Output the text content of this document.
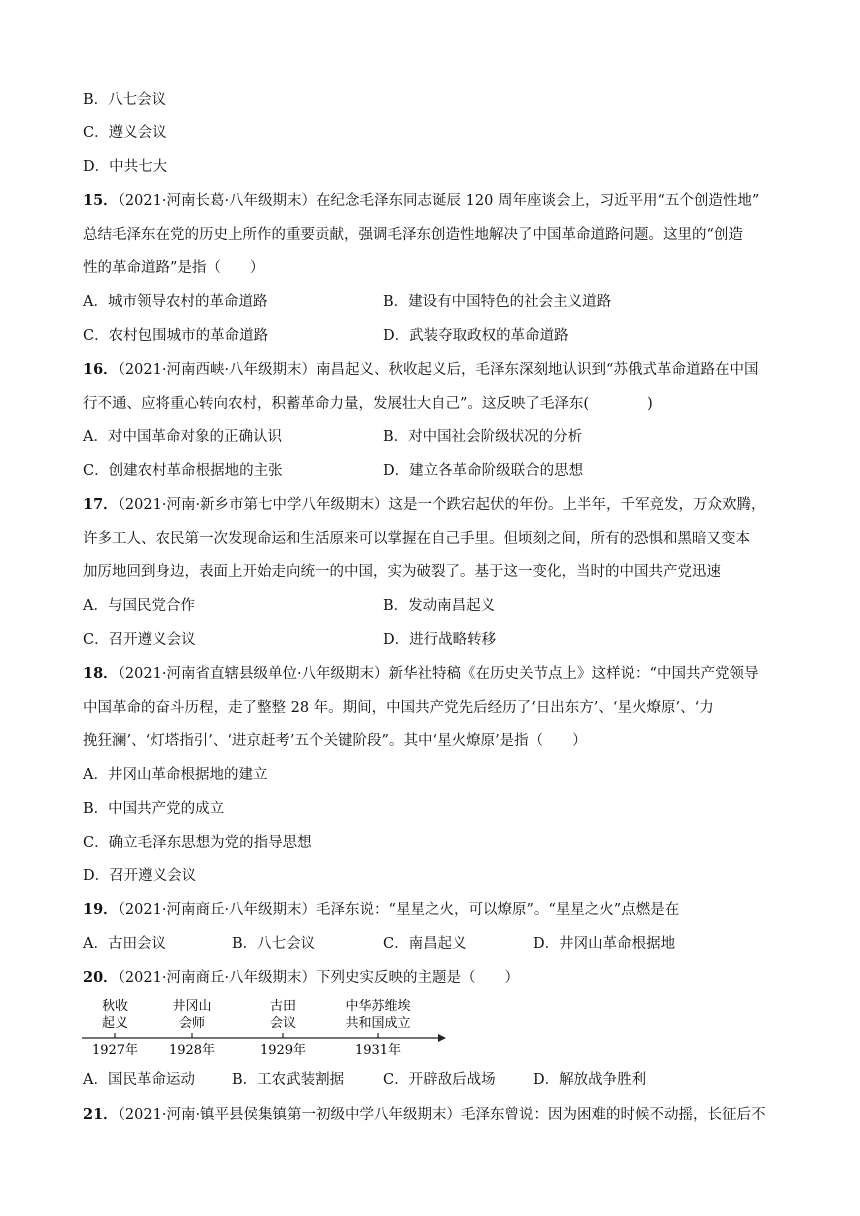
B．八七会议
C．遵义会议
D．中共七大
15．（2021·河南长葛·八年级期末）在纪念毛泽东同志诞辰 120 周年座谈会上，习近平用“五个创造性地”
总结毛泽东在党的历史上所作的重要贡献，强调毛泽东创造性地解决了中国革命道路问题。这里的“创造
性的革命道路”是指（　　）
A．城市领导农村的革命道路	B．建设有中国特色的社会主义道路
C．农村包围城市的革命道路	D．武装夺取政权的革命道路
16．（2021·河南西峡·八年级期末）南昌起义、秋收起义后，毛泽东深刻地认识到“苏俄式革命道路在中国
行不通、应将重心转向农村，积蓄革命力量，发展壮大自己”。这反映了毛泽东(　　　　)
A．对中国革命对象的正确认识	B．对中国社会阶级状况的分析
C．创建农村革命根据地的主张	D．建立各革命阶级联合的思想
17．（2021·河南·新乡市第七中学八年级期末）这是一个跌宕起伏的年份。上半年，千军竞发，万众欢腾，
许多工人、农民第一次发现命运和生活原来可以掌握在自己手里。但顷刻之间，所有的恐惧和黑暗又变本
加厉地回到身边，表面上开始走向统一的中国，实为破裂了。基于这一变化，当时的中国共产党迅速
A．与国民党合作	B．发动南昌起义
C．召开遵义会议	D．进行战略转移
18．（2021·河南省直辖县级单位·八年级期末）新华社特稿《在历史关节点上》这样说：“中国共产党领导
中国革命的奋斗历程，走了整整 28 年。期间，中国共产党先后经历了‘日出东方’、‘星火燎原’、‘力
挽狂澜’、‘灯塔指引’、‘进京赶考’五个关键阶段”。其中‘星火燎原’是指（　　）
A．井冈山革命根据地的建立
B．中国共产党的成立
C．确立毛泽东思想为党的指导思想
D．召开遵义会议
19．（2021·河南商丘·八年级期末）毛泽东说：“星星之火，可以燎原”。“星星之火”点燃是在
A．古田会议	B．八七会议	C．南昌起义	D．井冈山革命根据地
20．（2021·河南商丘·八年级期末）下列史实反映的主题是（　　）
秋收
起义
1927年
井冈山
会师
1928年
古田
会议
1929年
中华苏维埃
共和国成立
1931年
A．国民革命运动	B．工农武装割据	C．开辟敌后战场	D．解放战争胜利
21．（2021·河南·镇平县侯集镇第一初级中学八年级期末）毛泽东曾说：因为困难的时候不动摇，长征后不
